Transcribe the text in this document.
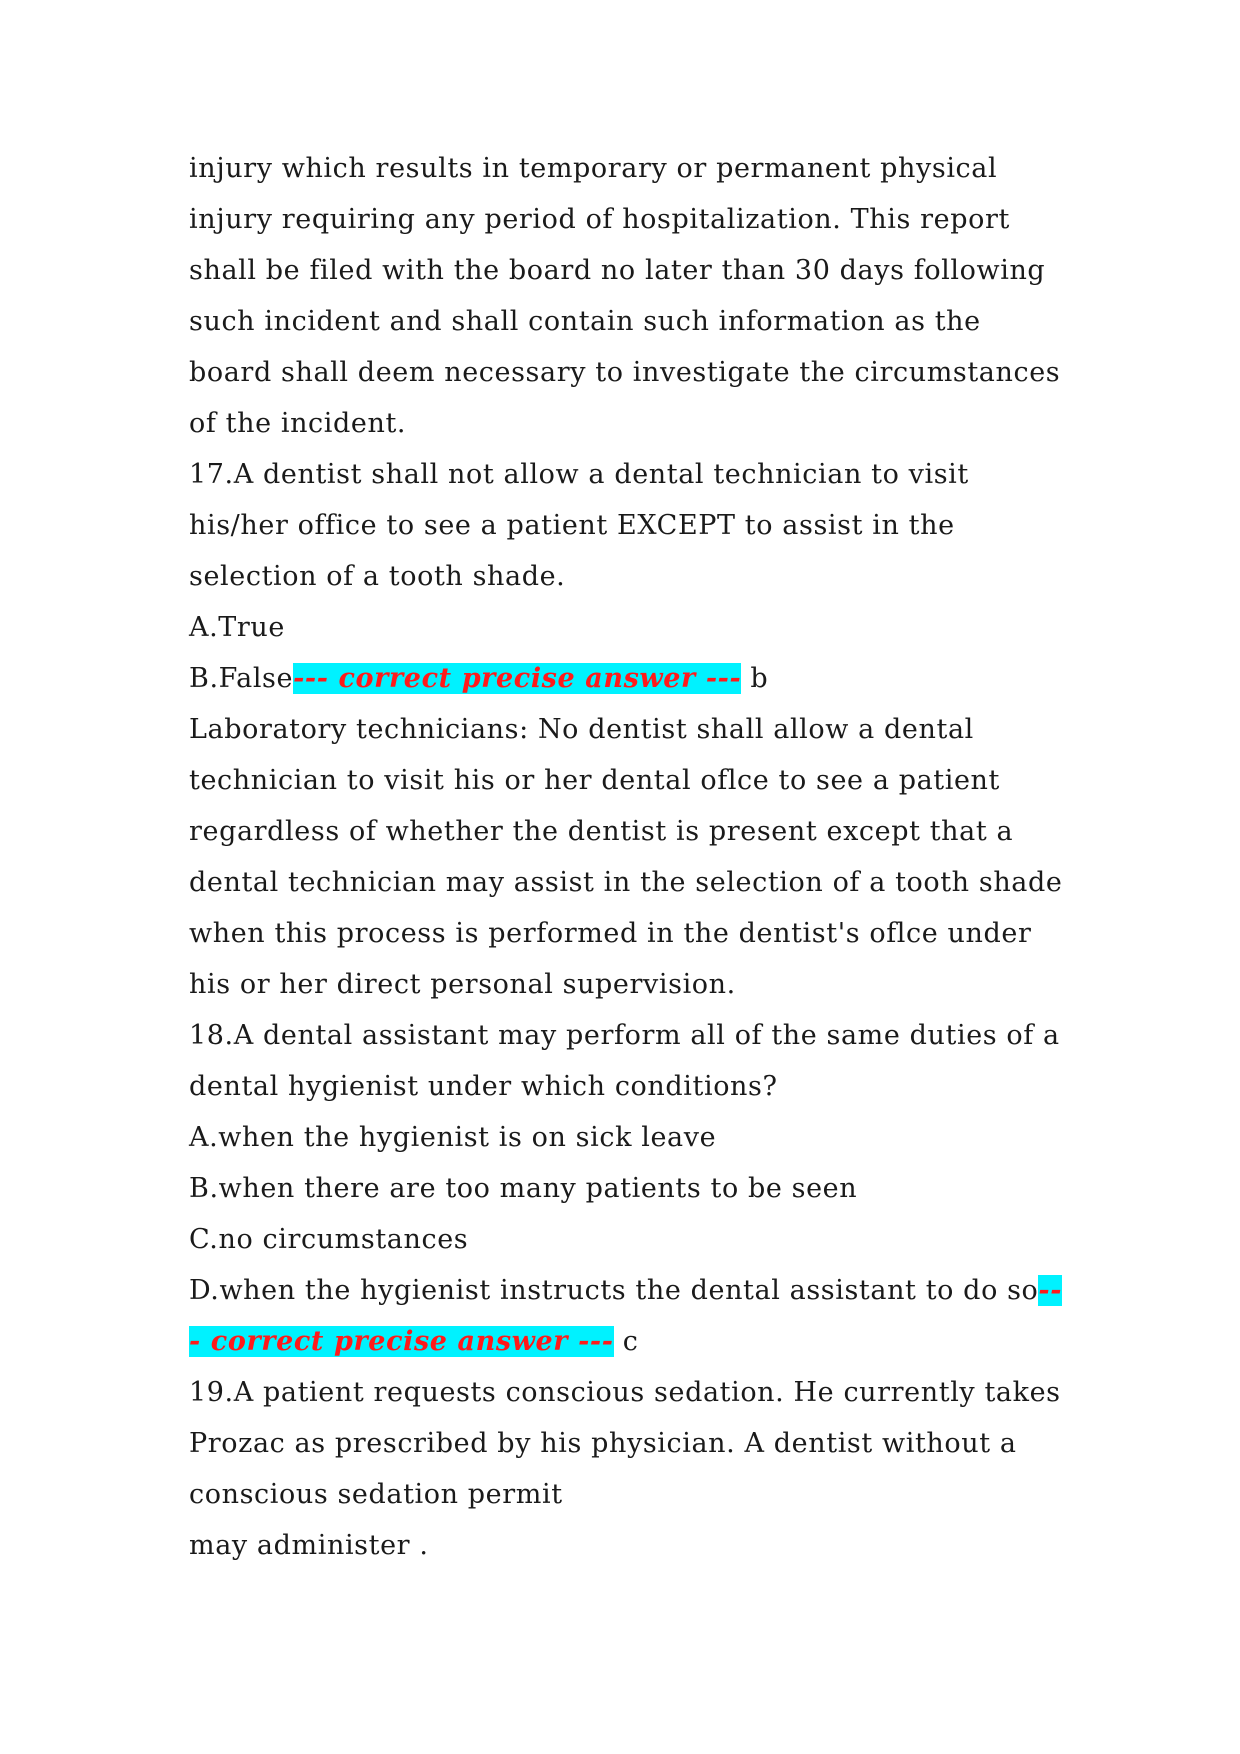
injury which results in temporary or permanent physical injury requiring any period of hospitalization. This report shall be filed with the board no later than 30 days following such incident and shall contain such information as the board shall deem necessary to investigate the circumstances of the incident.

17.A dentist shall not allow a dental technician to visit his/her office to see a patient EXCEPT to assist in the selection of a tooth shade.

A.True

B.False--- correct precise answer --- b

Laboratory technicians: No dentist shall allow a dental technician to visit his or her dental oflce to see a patient regardless of whether the dentist is present except that a dental technician may assist in the selection of a tooth shade when this process is performed in the dentist's oflce under his or her direct personal supervision.

18.A dental assistant may perform all of the same duties of a dental hygienist under which conditions?

A.when the hygienist is on sick leave

B.when there are too many patients to be seen

C.no circumstances

D.when the hygienist instructs the dental assistant to do so--- correct precise answer --- c

19.A patient requests conscious sedation. He currently takes Prozac as prescribed by his physician. A dentist without a conscious sedation permit

may administer .
